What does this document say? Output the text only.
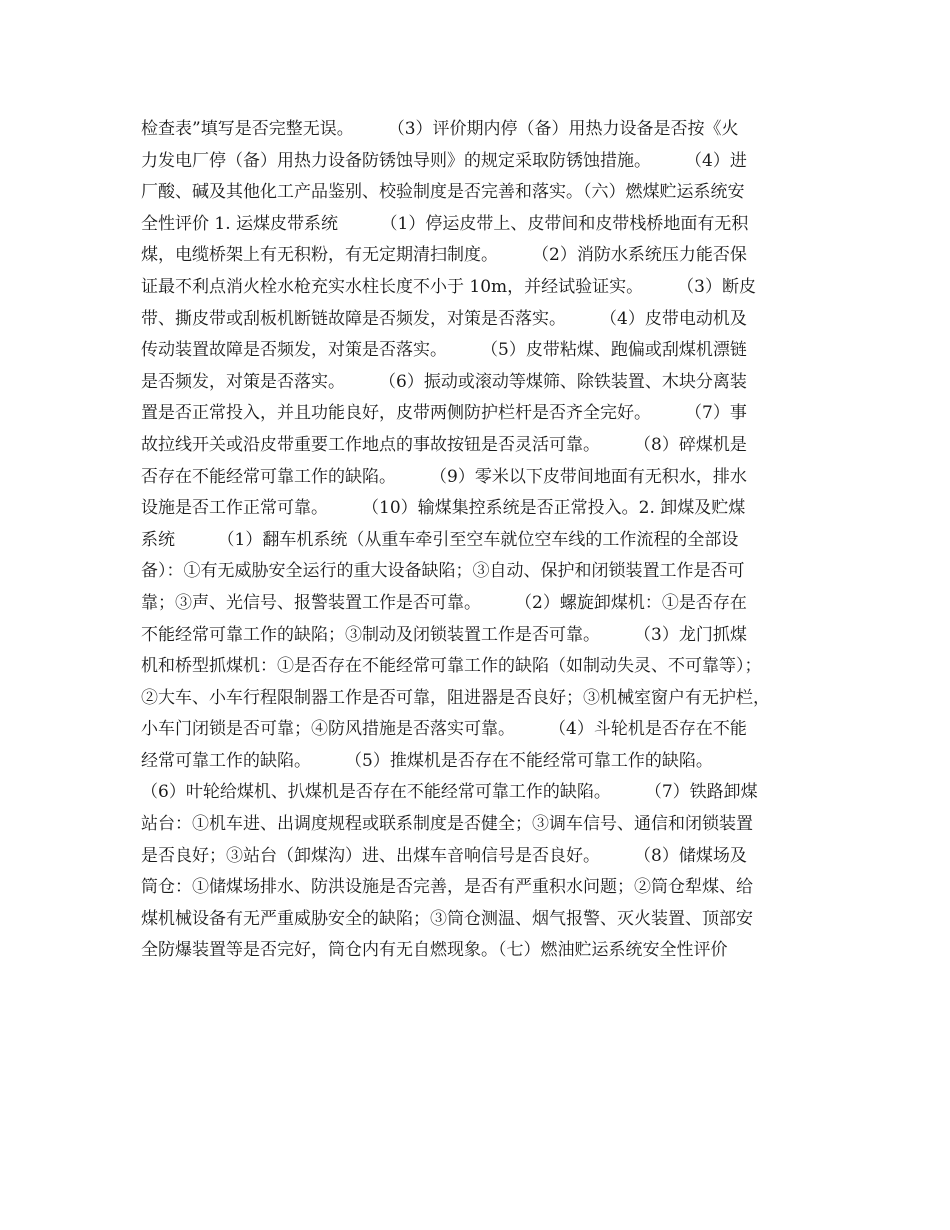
检查表”填写是否完整无误。　　　（3）评价期内停（备）用热力设备是否按《火
力发电厂停（备）用热力设备防锈蚀导则》的规定采取防锈蚀措施。　　　（4）进
厂酸、碱及其他化工产品鉴别、校验制度是否完善和落实。（六）燃煤贮运系统安
全性评价 1. 运煤皮带系统　　　（1）停运皮带上、皮带间和皮带栈桥地面有无积
煤，电缆桥架上有无积粉，有无定期清扫制度。　　　（2）消防水系统压力能否保
证最不利点消火栓水枪充实水柱长度不小于 10m，并经试验证实。　　　（3）断皮
带、撕皮带或刮板机断链故障是否频发，对策是否落实。　　　（4）皮带电动机及
传动装置故障是否频发，对策是否落实。　　　（5）皮带粘煤、跑偏或刮煤机漂链
是否频发，对策是否落实。　　　（6）振动或滚动等煤筛、除铁装置、木块分离装
置是否正常投入，并且功能良好，皮带两侧防护栏杆是否齐全完好。　　　（7）事
故拉线开关或沿皮带重要工作地点的事故按钮是否灵活可靠。　　　（8）碎煤机是
否存在不能经常可靠工作的缺陷。　　　（9）零米以下皮带间地面有无积水，排水
设施是否工作正常可靠。　　　（10）输煤集控系统是否正常投入。2. 卸煤及贮煤
系统　　　（1）翻车机系统（从重车牵引至空车就位空车线的工作流程的全部设
备）：①有无威胁安全运行的重大设备缺陷；③自动、保护和闭锁装置工作是否可
靠；③声、光信号、报警装置工作是否可靠。　　　（2）螺旋卸煤机：①是否存在
不能经常可靠工作的缺陷；③制动及闭锁装置工作是否可靠。　　　（3）龙门抓煤
机和桥型抓煤机：①是否存在不能经常可靠工作的缺陷（如制动失灵、不可靠等）；
②大车、小车行程限制器工作是否可靠，阻进器是否良好；③机械室窗户有无护栏，
小车门闭锁是否可靠；④防风措施是否落实可靠。　　　（4）斗轮机是否存在不能
经常可靠工作的缺陷。　　　（5）推煤机是否存在不能经常可靠工作的缺陷。
（6）叶轮给煤机、扒煤机是否存在不能经常可靠工作的缺陷。　　　（7）铁路卸煤
站台：①机车进、出调度规程或联系制度是否健全；③调车信号、通信和闭锁装置
是否良好；③站台（卸煤沟）进、出煤车音响信号是否良好。　　　（8）储煤场及
筒仓：①储煤场排水、防洪设施是否完善，是否有严重积水问题；②筒仓犁煤、给
煤机械设备有无严重威胁安全的缺陷；③筒仓测温、烟气报警、灭火装置、顶部安
全防爆装置等是否完好，筒仓内有无自燃现象。（七）燃油贮运系统安全性评价
